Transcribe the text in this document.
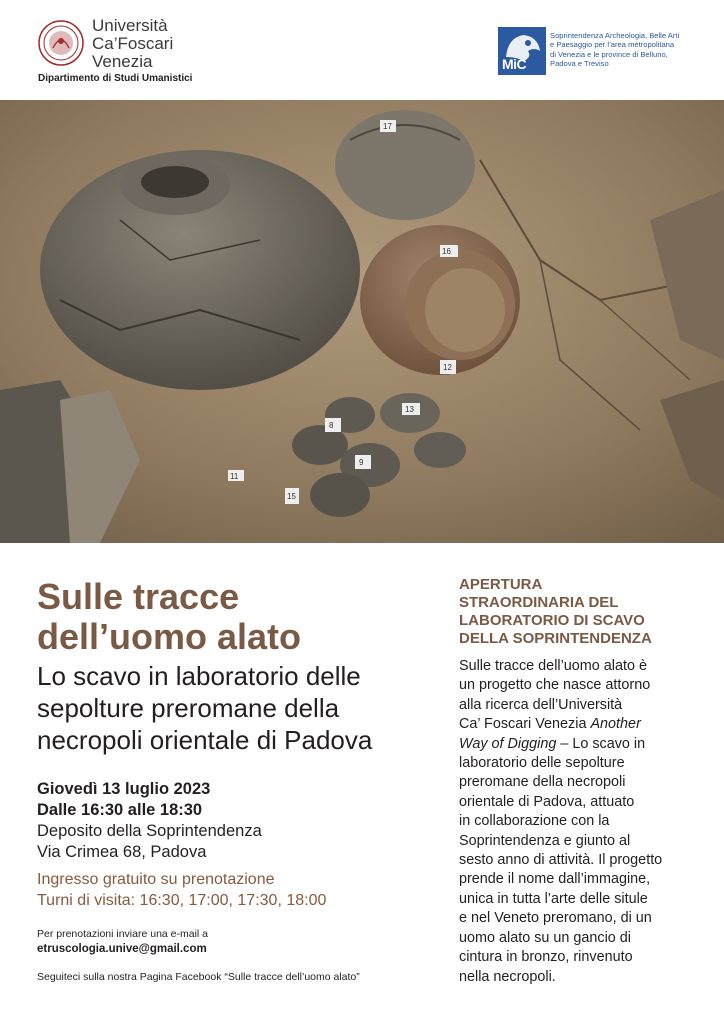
Università
Ca’Foscari
Venezia
Dipartimento di Studi Umanistici
MiC
Soprintendenza Archeologia, Belle Arti
e Paesaggio per l’area metropolitana
di Venezia e le province di Belluno,
Padova e Treviso
11
15
13
12
9
8
16
17
Sulle tracce
dell’uomo alato
Lo scavo in laboratorio delle
sepolture preromane della
necropoli orientale di Padova
Giovedì 13 luglio 2023
Dalle 16:30 alle 18:30
Deposito della Soprintendenza
Via Crimea 68, Padova
Ingresso gratuito su prenotazione
Turni di visita: 16:30, 17:00, 17:30, 18:00
Per prenotazioni inviare una e-mail a
etruscologia.unive@gmail.com
Seguiteci sulla nostra Pagina Facebook “Sulle tracce dell’uomo alato”
APERTURA
STRAORDINARIA DEL
LABORATORIO DI SCAVO
DELLA SOPRINTENDENZA
Sulle tracce dell’uomo alato è
un progetto che nasce attorno
alla ricerca dell’Università
Ca’ Foscari Venezia Another
Way of Digging – Lo scavo in
laboratorio delle sepolture
preromane della necropoli
orientale di Padova, attuato
in collaborazione con la
Soprintendenza e giunto al
sesto anno di attività. Il progetto
prende il nome dall’immagine,
unica in tutta l’arte delle situle
e nel Veneto preromano, di un
uomo alato su un gancio di
cintura in bronzo, rinvenuto
nella necropoli.
